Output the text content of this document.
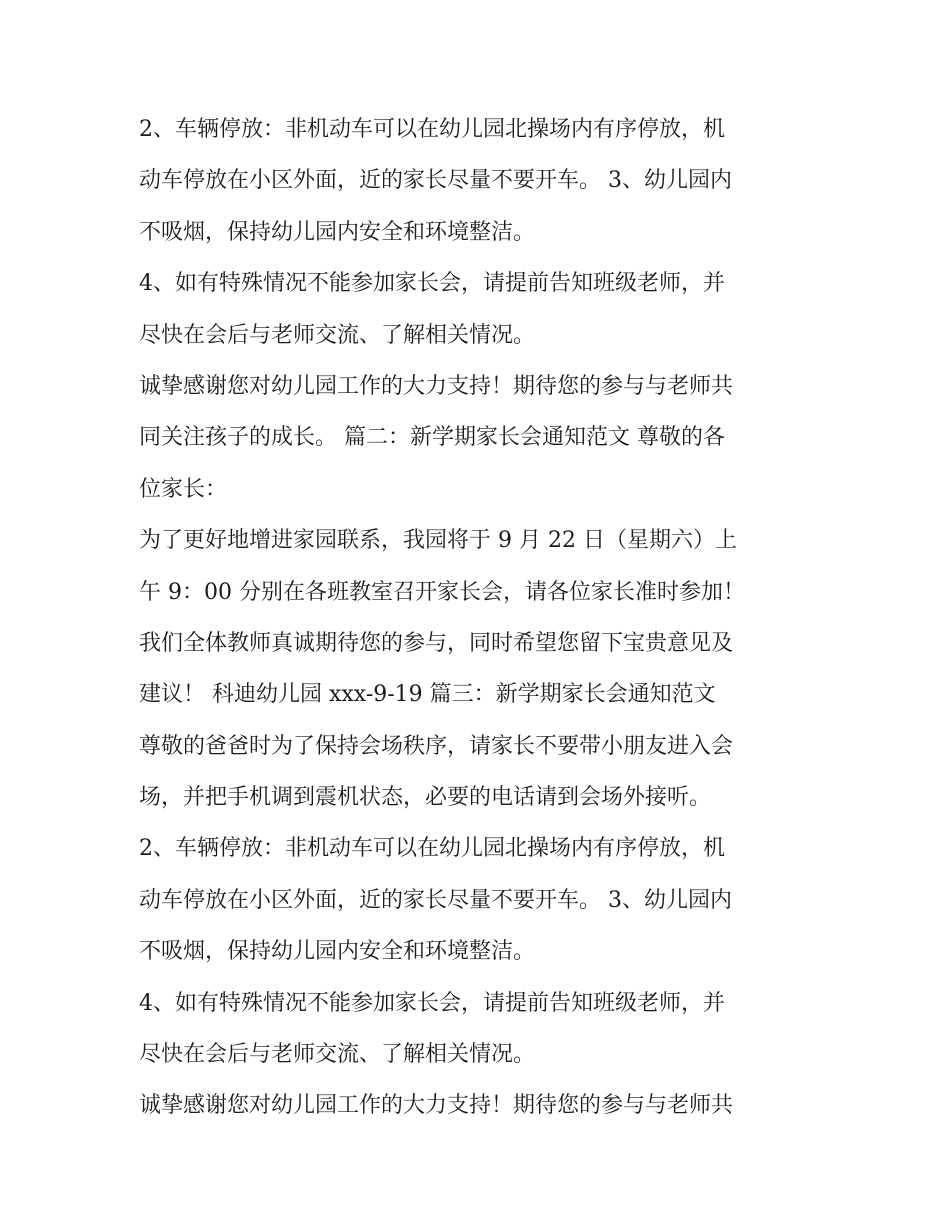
2、车辆停放：非机动车可以在幼儿园北操场内有序停放，机
动车停放在小区外面，近的家长尽量不要开车。 3、幼儿园内
不吸烟，保持幼儿园内安全和环境整洁。
4、如有特殊情况不能参加家长会，请提前告知班级老师，并
尽快在会后与老师交流、了解相关情况。
诚挚感谢您对幼儿园工作的大力支持！期待您的参与与老师共
同关注孩子的成长。 篇二：新学期家长会通知范文 尊敬的各
位家长：
为了更好地增进家园联系，我园将于 9 月 22 日（星期六）上
午 9：00 分别在各班教室召开家长会，请各位家长准时参加！
我们全体教师真诚期待您的参与，同时希望您留下宝贵意见及
建议！ 科迪幼儿园 xxx-9-19 篇三：新学期家长会通知范文
尊敬的爸爸时为了保持会场秩序，请家长不要带小朋友进入会
场，并把手机调到震机状态，必要的电话请到会场外接听。
2、车辆停放：非机动车可以在幼儿园北操场内有序停放，机
动车停放在小区外面，近的家长尽量不要开车。 3、幼儿园内
不吸烟，保持幼儿园内安全和环境整洁。
4、如有特殊情况不能参加家长会，请提前告知班级老师，并
尽快在会后与老师交流、了解相关情况。
诚挚感谢您对幼儿园工作的大力支持！期待您的参与与老师共
